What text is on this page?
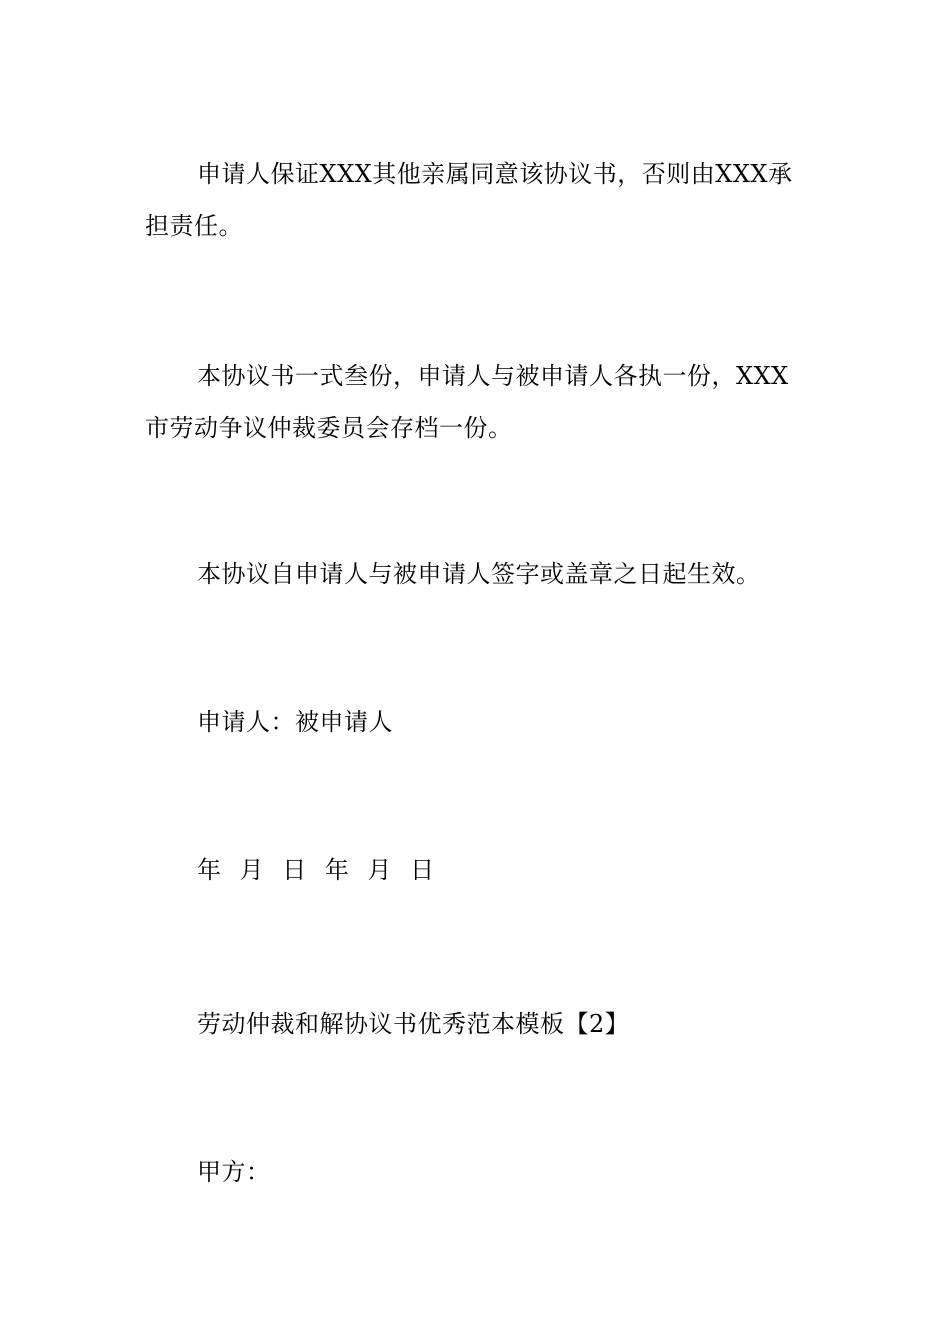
申请人保证XXX其他亲属同意该协议书，否则由XXX承担责任。

本协议书一式叁份，申请人与被申请人各执一份，XXX市劳动争议仲裁委员会存档一份。

本协议自申请人与被申请人签字或盖章之日起生效。

申请人：被申请人

年 月 日 年 月 日

劳动仲裁和解协议书优秀范本模板【2】

甲方：
